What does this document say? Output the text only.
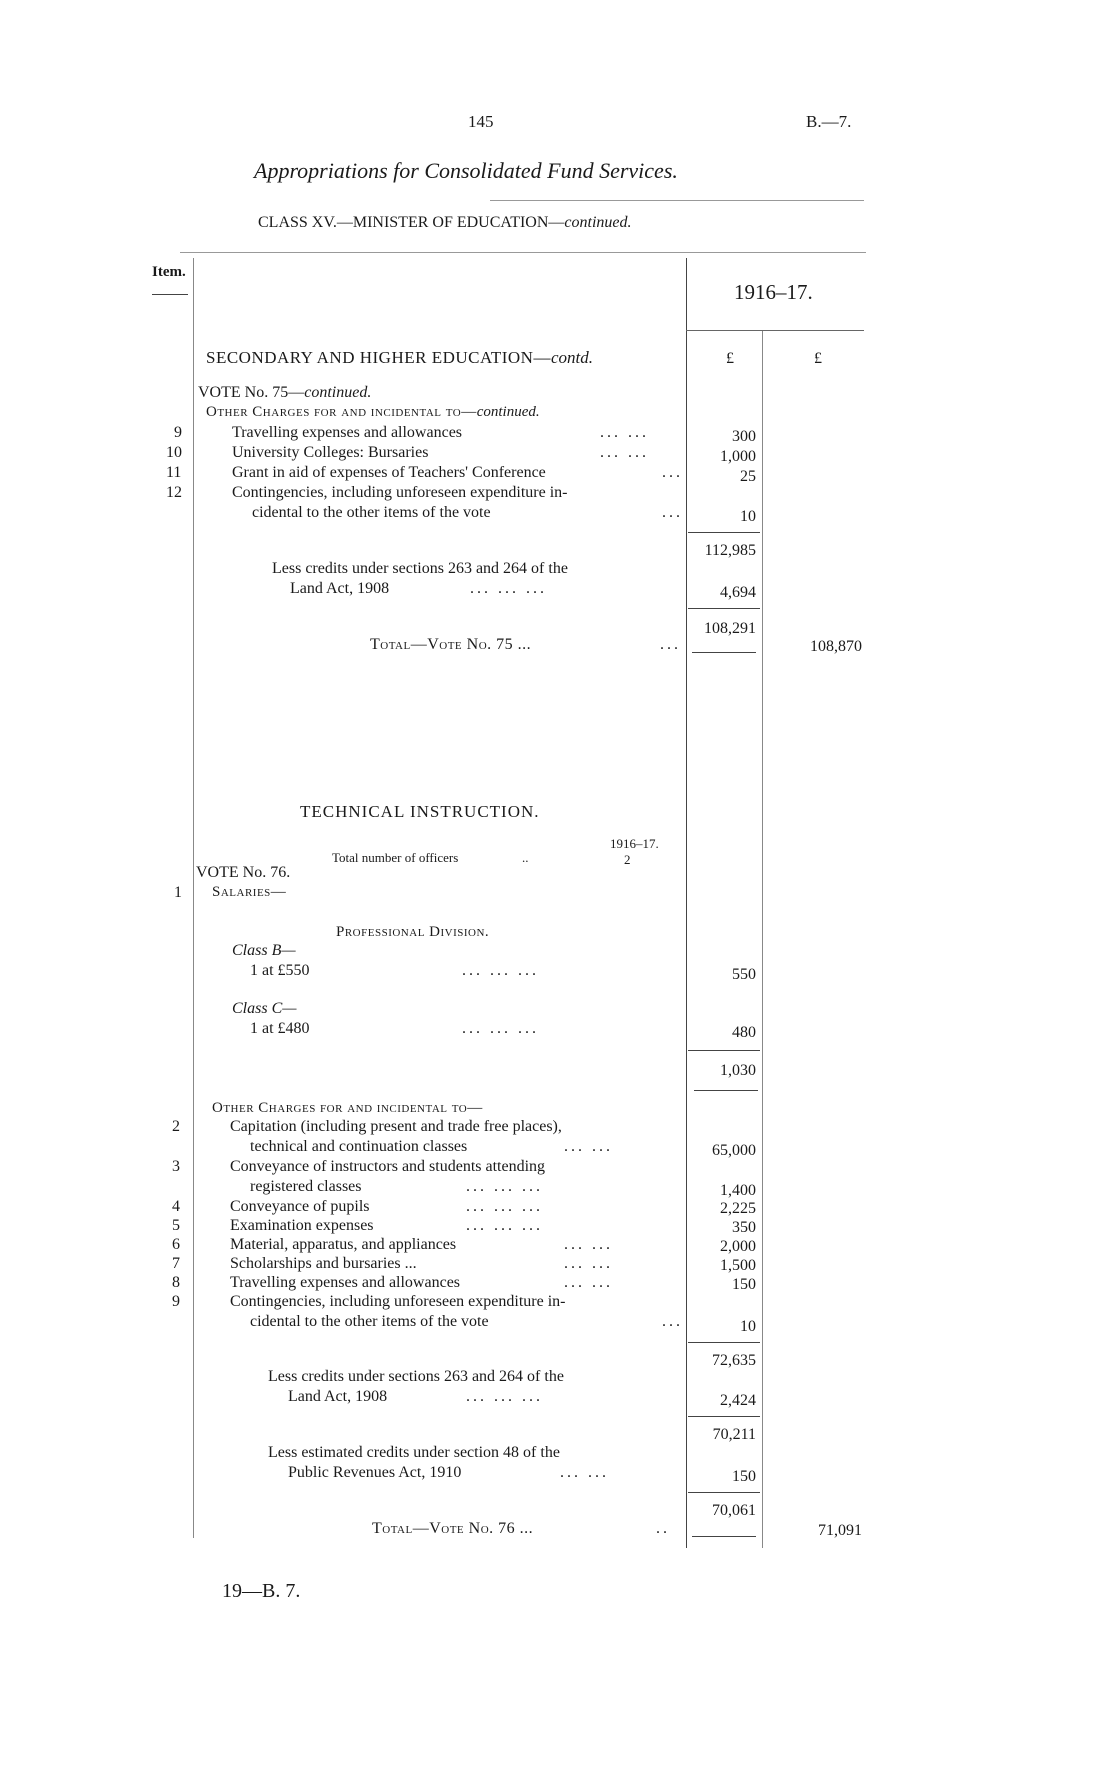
145	B.—7.
Appropriations for Consolidated Fund Services.
CLASS XV.—MINISTER OF EDUCATION—continued.
Item.
1916–17.
£	£
SECONDARY AND HIGHER EDUCATION—contd.
VOTE No. 75—continued.
Other Charges for and incidental to—continued.
9	Travelling expenses and allowances	... ...	300
10	University Colleges: Bursaries	... ...	1,000
11	Grant in aid of expenses of Teachers' Conference	...	25
12	Contingencies, including unforeseen expenditure in-
cidental to the other items of the vote	...	10
112,985
Less credits under sections 263 and 264 of the
Land Act, 1908	... ... ...	4,694
108,291
Total—Vote No. 75 ...	...	108,870
TECHNICAL INSTRUCTION.
1916–17.
Total number of officers	..	2
VOTE No. 76.
1 Salaries—
Professional Division.
Class B—
1 at £550	... ... ...	550
Class C—
1 at £480	... ... ...	480
1,030
Other Charges for and incidental to—
2	Capitation (including present and trade free places),
technical and continuation classes	... ...	65,000
3	Conveyance of instructors and students attending
registered classes	... ... ...	1,400
4	Conveyance of pupils	... ... ...	2,225
5	Examination expenses	... ... ...	350
6	Material, apparatus, and appliances	... ...	2,000
7	Scholarships and bursaries ...	... ...	1,500
8	Travelling expenses and allowances	... ...	150
9	Contingencies, including unforeseen expenditure in-
cidental to the other items of the vote	...	10
72,635
Less credits under sections 263 and 264 of the
Land Act, 1908	... ... ...	2,424
70,211
Less estimated credits under section 48 of the
Public Revenues Act, 1910	... ...	150
70,061
Total—Vote No. 76 ...	..	71,091
19—B. 7.
